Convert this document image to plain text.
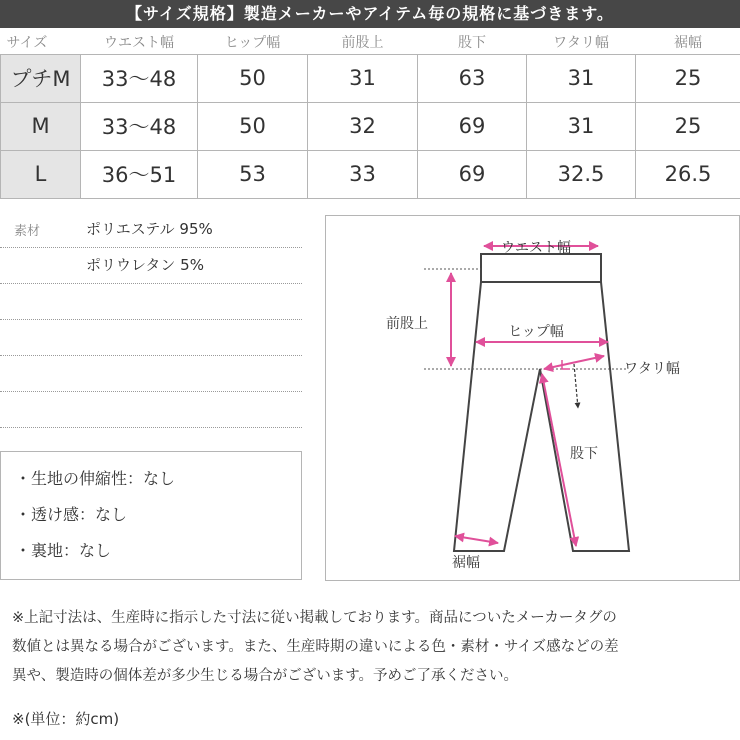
【サイズ規格】製造メーカーやアイテム毎の規格に基づきます。
サイズ	ウエスト幅	ヒップ幅	前股上	股下	ワタリ幅	裾幅
プチM	33～48	50	31	63	31	25
M	33～48	50	32	69	31	25
L	36～51	53	33	69	32.5	26.5
素材	ポリエステル 95%
ポリウレタン 5%
・生地の伸縮性：なし
・透け感：なし
・裏地：なし
ウエスト幅
前股上	ヒップ幅
ワタリ幅
股下
裾幅
※上記寸法は、生産時に指示した寸法に従い掲載しております。商品についたメーカータグの
数値とは異なる場合がございます。また、生産時期の違いによる色・素材・サイズ感などの差
異や、製造時の個体差が多少生じる場合がございます。予めご了承ください。
※(単位：約cm)
